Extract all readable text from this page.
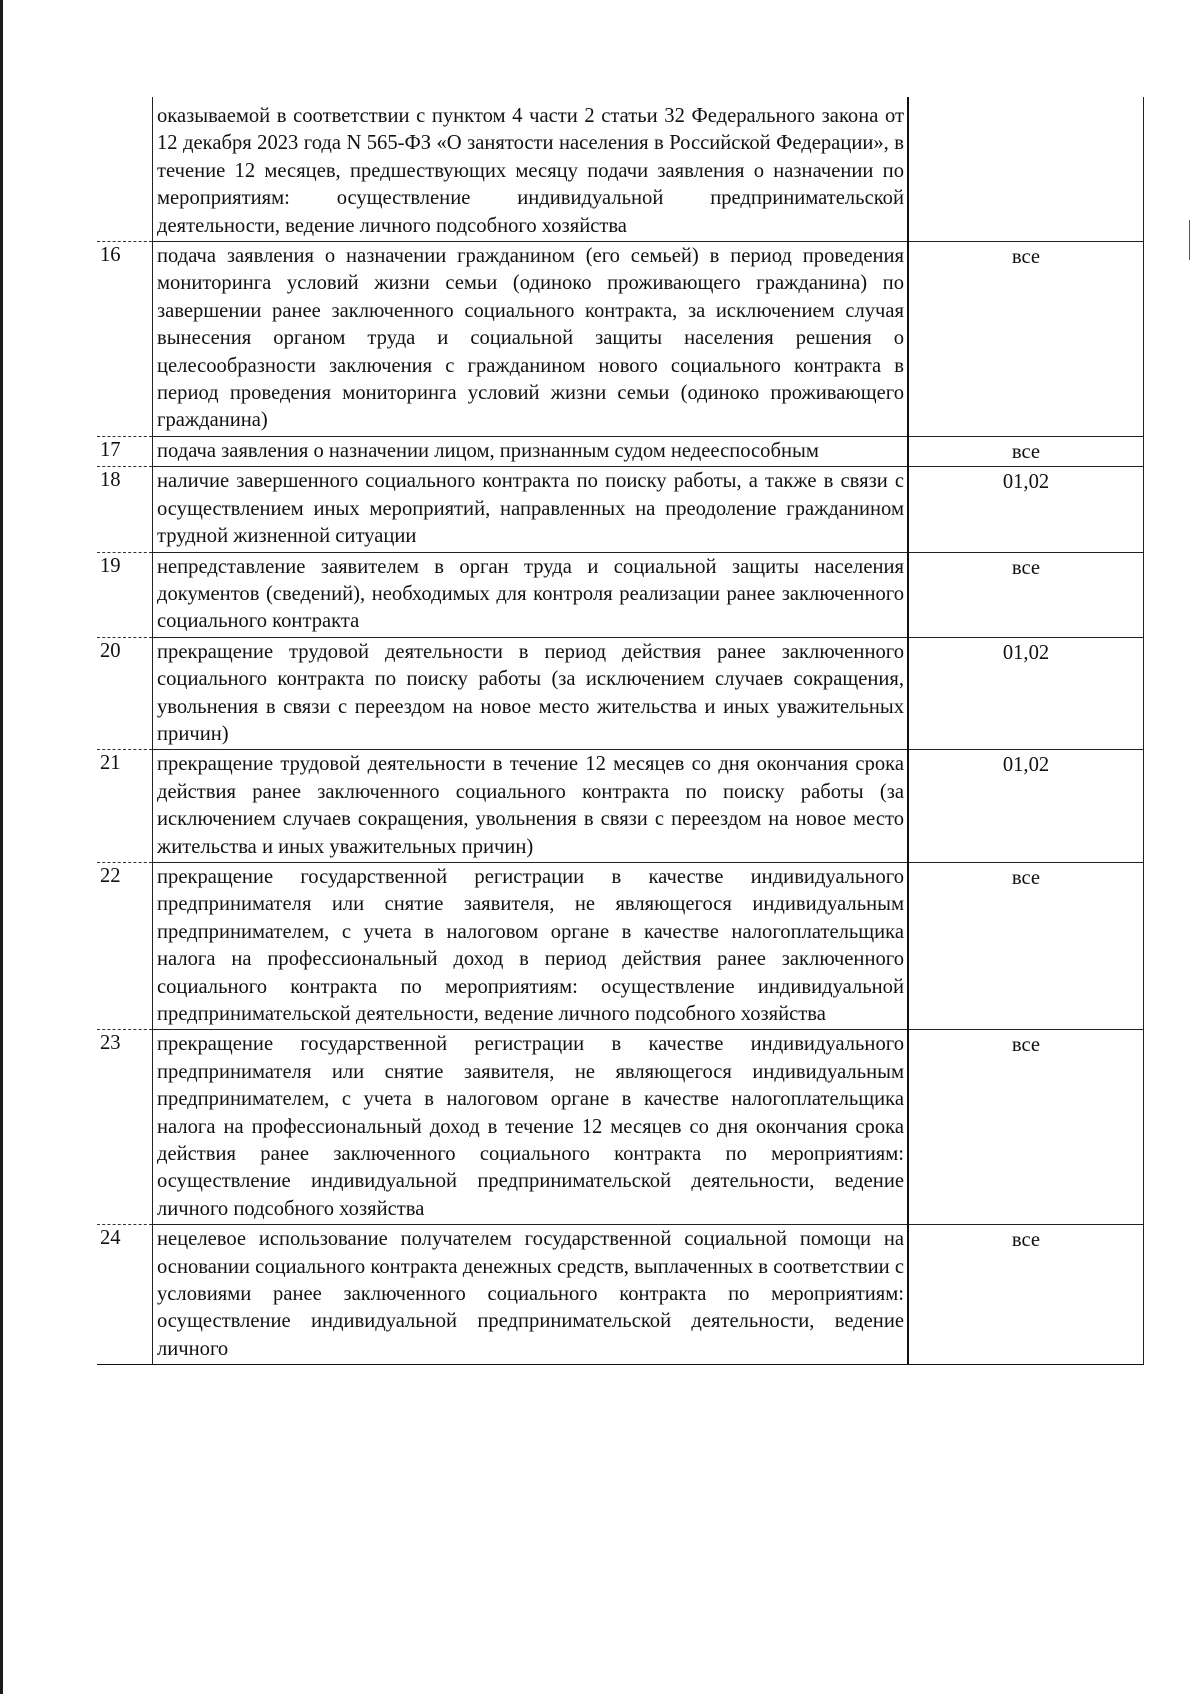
	оказываемой в соответствии с пунктом 4 части 2 статьи 32 Федерального закона от 12 декабря 2023 года N 565-ФЗ «О занятости населения в Российской Федерации», в течение 12 месяцев, предшествующих месяцу подачи заявления о назначении по мероприятиям: осуществление индивидуальной предпринимательской деятельности, ведение личного подсобного хозяйства	
16	подача заявления о назначении гражданином (его семьей) в период проведения мониторинга условий жизни семьи (одиноко проживающего гражданина) по завершении ранее заключенного социального контракта, за исключением случая вынесения органом труда и социальной защиты населения решения о целесообразности заключения с гражданином нового социального контракта в период проведения мониторинга условий жизни семьи (одиноко проживающего гражданина)	все
17	подача заявления о назначении лицом, признанным судом недееспособным	все
18	наличие завершенного социального контракта по поиску работы, а также в связи с осуществлением иных мероприятий, направленных на преодоление гражданином трудной жизненной ситуации	01,02
19	непредставление заявителем в орган труда и социальной защиты населения документов (сведений), необходимых для контроля реализации ранее заключенного социального контракта	все
20	прекращение трудовой деятельности в период действия ранее заключенного социального контракта по поиску работы (за исключением случаев сокращения, увольнения в связи с переездом на новое место жительства и иных уважительных причин)	01,02
21	прекращение трудовой деятельности в течение 12 месяцев со дня окончания срока действия ранее заключенного социального контракта по поиску работы (за исключением случаев сокращения, увольнения в связи с переездом на новое место жительства и иных уважительных причин)	01,02
22	прекращение государственной регистрации в качестве индивидуального предпринимателя или снятие заявителя, не являющегося индивидуальным предпринимателем, с учета в налоговом органе в качестве налогоплательщика налога на профессиональный доход в период действия ранее заключенного социального контракта по мероприятиям: осуществление индивидуальной предпринимательской деятельности, ведение личного подсобного хозяйства	все
23	прекращение государственной регистрации в качестве индивидуального предпринимателя или снятие заявителя, не являющегося индивидуальным предпринимателем, с учета в налоговом органе в качестве налогоплательщика налога на профессиональный доход в течение 12 месяцев со дня окончания срока действия ранее заключенного социального контракта по мероприятиям: осуществление индивидуальной предпринимательской деятельности, ведение личного подсобного хозяйства	все
24	нецелевое использование получателем государственной социальной помощи на основании социального контракта денежных средств, выплаченных в соответствии с условиями ранее заключенного социального контракта по мероприятиям: осуществление индивидуальной предпринимательской деятельности, ведение личного	все
